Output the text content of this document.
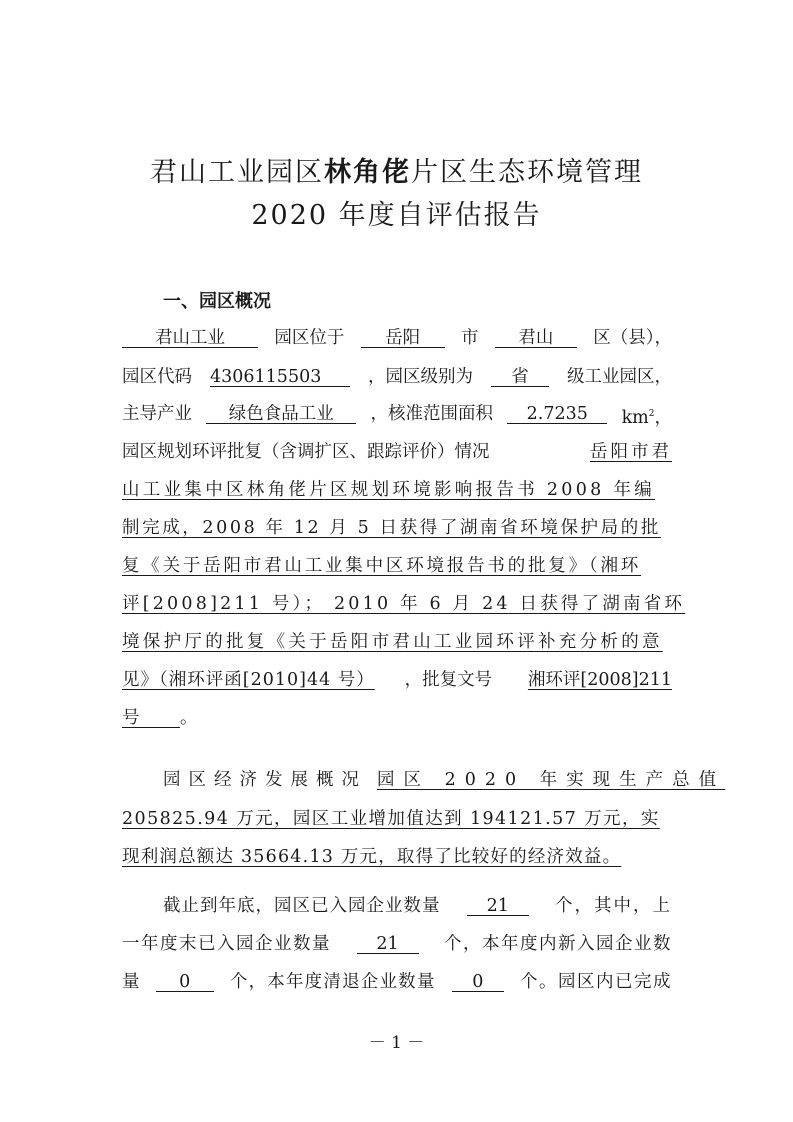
君山工业园区林角佬片区生态环境管理
2020 年度自评估报告
一、园区概况
君山工业	园区位于	岳阳	市	君山	区（县），
园区代码 4306115503	，园区级别为	省	级工业园区，
主导产业	绿色食品工业	，核准范围面积	2.7235	$km^2$，
园区规划环评批复（含调扩区、跟踪评价）情况	岳阳市君
山工业集中区林角佬片区规划环境影响报告书 2008 年编
制完成，2008 年 12 月 5 日获得了湖南省环境保护局的批
复《关于岳阳市君山工业集中区环境报告书的批复》（湘环
评[2008]211 号）； 2010 年 6 月 24 日获得了湖南省环
境保护厅的批复《关于岳阳市君山工业园环评补充分析的意
见》（湘环评函[2010]44 号） ，批复文号	湘环评[2008]211
号	。
园区经济发展概况 园区 2020 年实现生产总值
205825.94 万元，园区工业增加值达到 194121.57 万元，实
现利润总额达 35664.13 万元，取得了比较好的经济效益。
截止到年底，园区已入园企业数量	21	个，其中，上
一年度末已入园企业数量	21	个，本年度内新入园企业数
量	0	个，本年度清退企业数量	0	个。园区内已完成
－ 1 －
